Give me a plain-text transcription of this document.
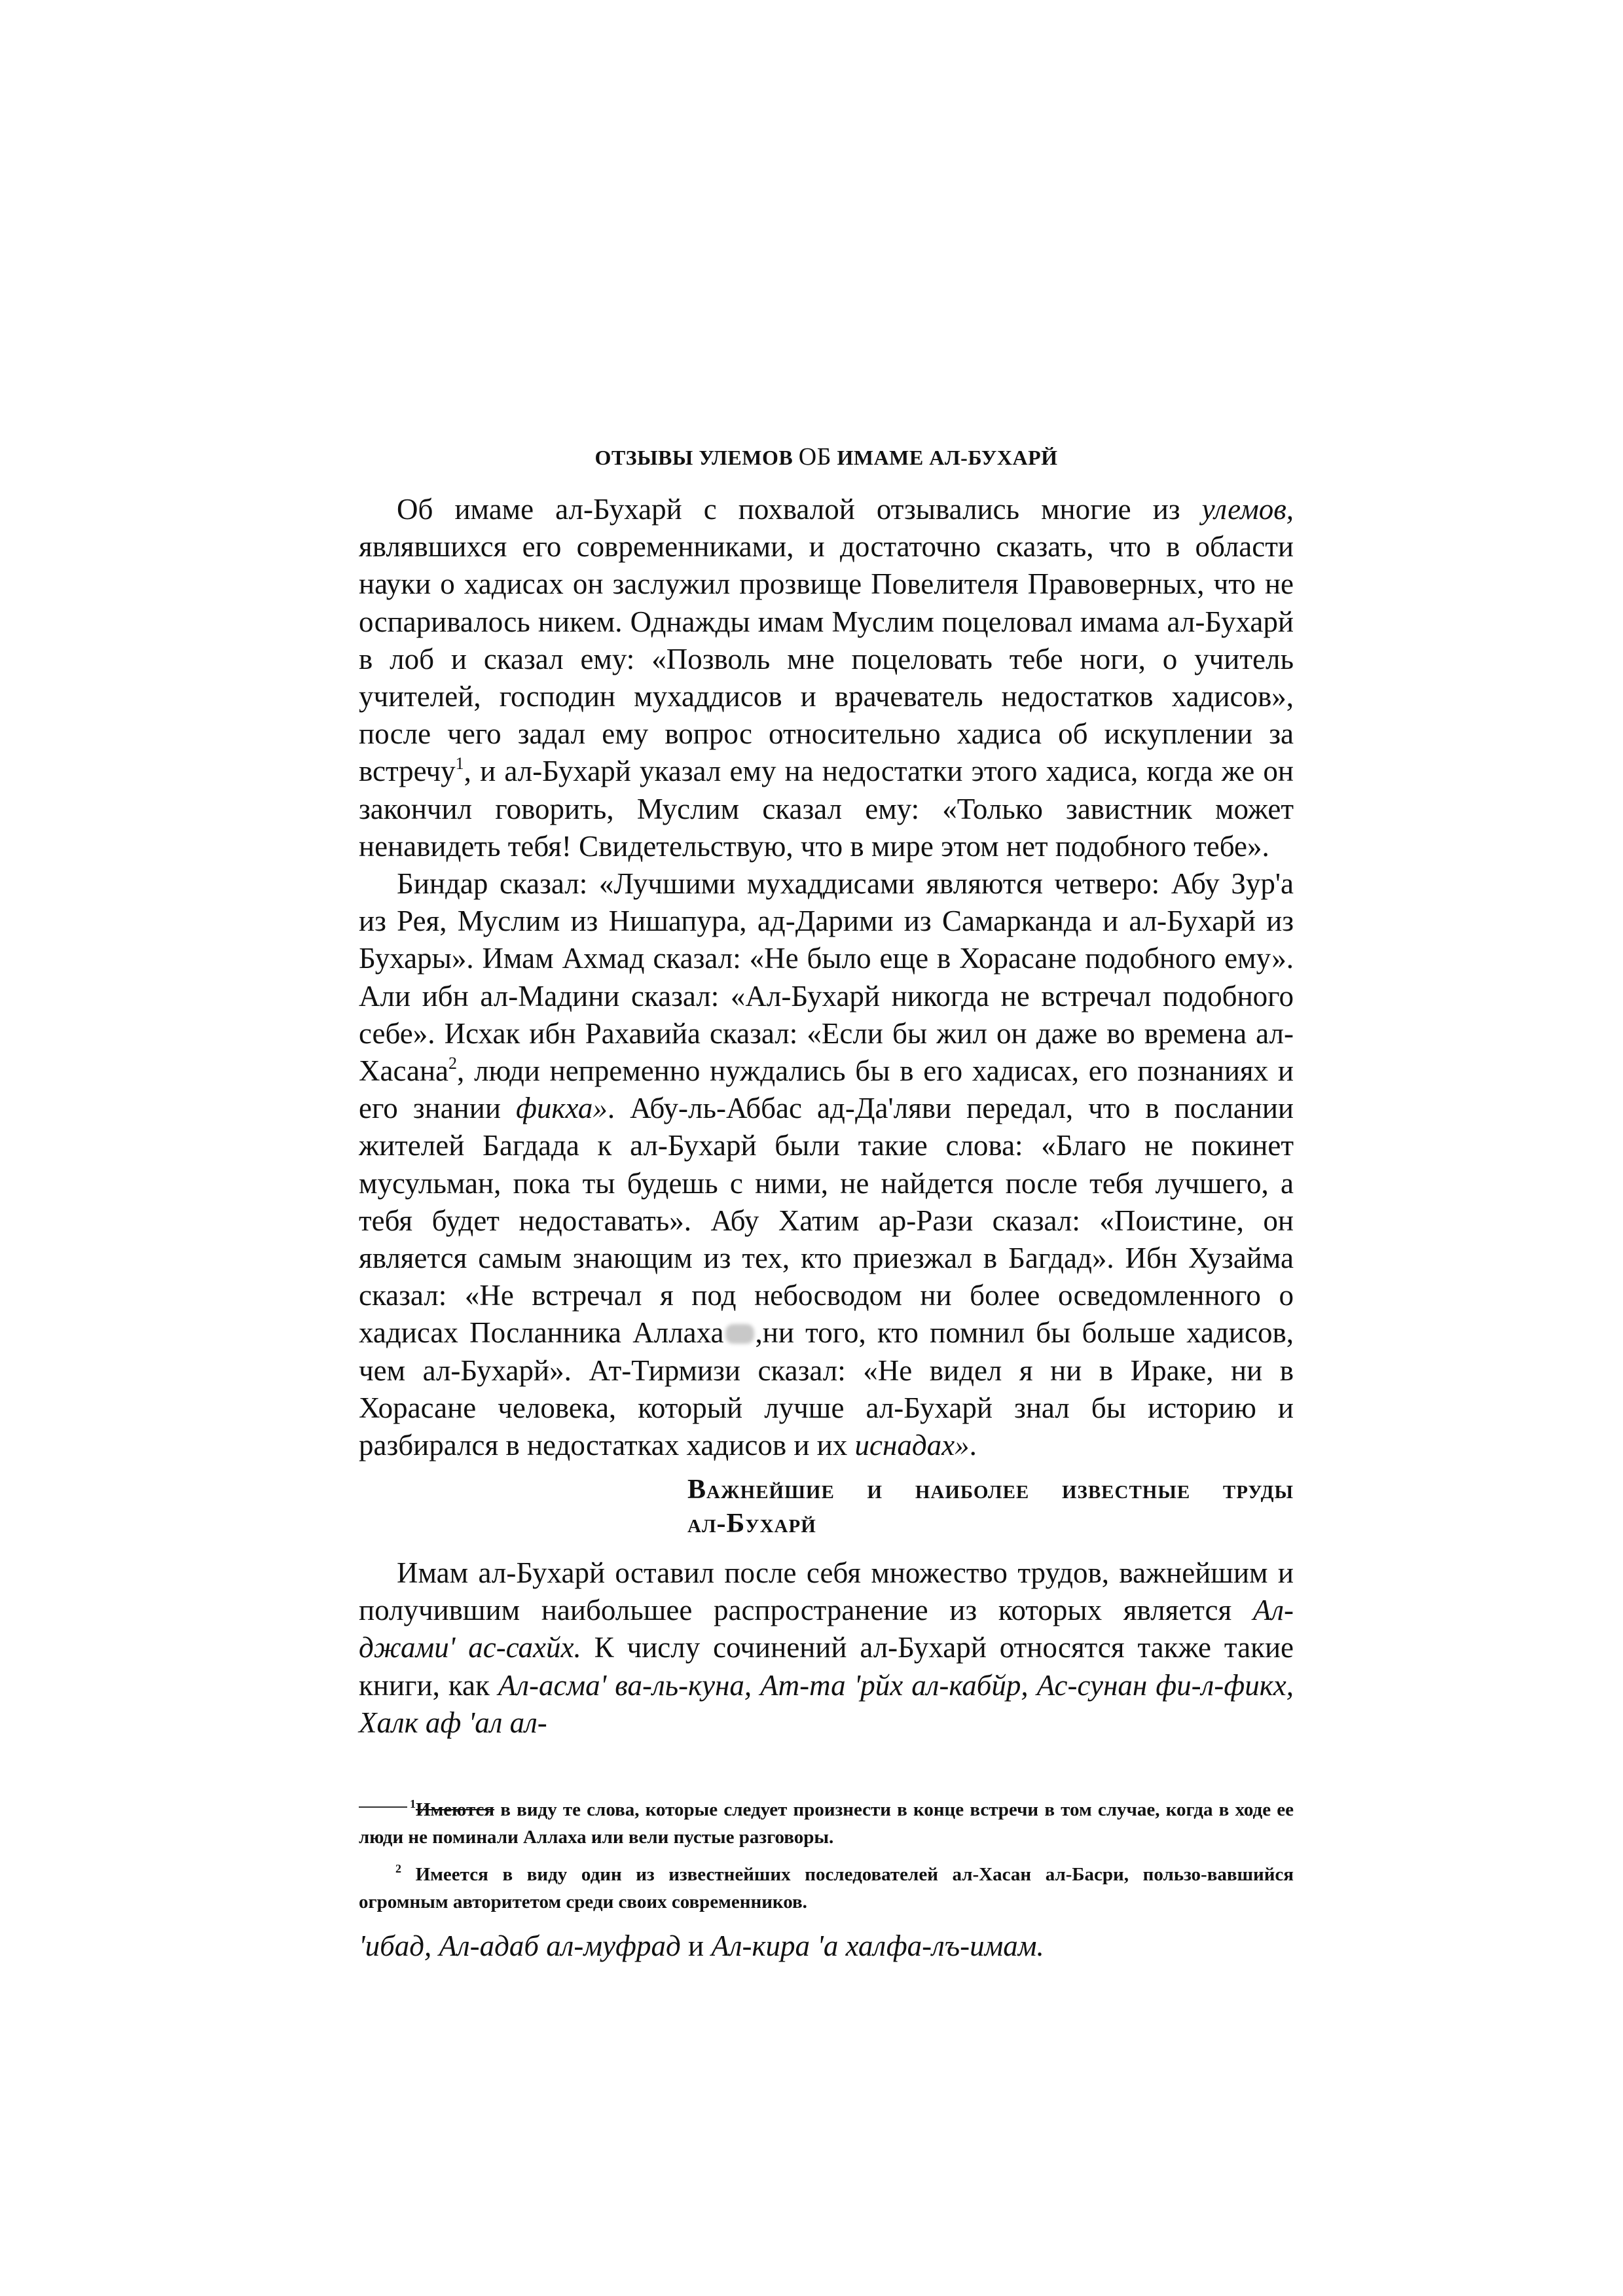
ОТЗЫВЫ УЛЕМОВ ОБ ИМАМЕ АЛ-БУХАРЙ

Об имаме ал-Бухарй с похвалой отзывались многие из улемов, являвшихся его современниками, и достаточно сказать, что в области науки о хадисах он заслужил прозвище Повелителя Правоверных, что не оспаривалось никем. Однажды имам Муслим поцеловал имама ал-Бухарй в лоб и сказал ему: «Позволь мне поцеловать тебе ноги, о учитель учителей, господин мухаддисов и врачеватель недостатков хадисов», после чего задал ему вопрос относительно хадиса об искуплении за встречу$^1$, и ал-Бухарй указал ему на недостатки этого хадиса, когда же он закончил говорить, Муслим сказал ему: «Только завистник может ненавидеть тебя! Свидетельствую, что в мире этом нет подобного тебе».

Биндар сказал: «Лучшими мухаддисами являются четверо: Абу Зур'а из Рея, Муслим из Нишапура, ад-Дарими из Самарканда и ал-Бухарй из Бухары». Имам Ахмад сказал: «Не было еще в Хорасане подобного ему». Али ибн ал-Мадини сказал: «Ал-Бухарй никогда не встречал подобного себе». Исхак ибн Рахавийа сказал: «Если бы жил он даже во времена ал-Хасана$^2$, люди непременно нуждались бы в его хадисах, его познаниях и его знании фикха». Абу-ль-Аббас ад-Да'ляви передал, что в послании жителей Багдада к ал-Бухарй были такие слова: «Благо не покинет мусульман, пока ты будешь с ними, не найдется после тебя лучшего, а тебя будет недоставать». Абу Хатим ар-Рази сказал: «Поистине, он является самым знающим из тех, кто приезжал в Багдад». Ибн Хузайма сказал: «Не встречал я под небосводом ни более осведомленного о хадисах Посланника Аллаха ,ни того, кто помнил бы больше хадисов, чем ал-Бухарй». Ат-Тирмизи сказал: «Не видел я ни в Ираке, ни в Хорасане человека, который лучше ал-Бухарй знал бы историю и разбирался в недостатках хадисов и их иснадах».

Важнейшие и наиболее известные труды
ал-Бухарй

Имам ал-Бухарй оставил после себя множество трудов, важнейшим и получившим наибольшее распространение из которых является Ал-джами' ас-сахйх. К числу сочинений ал-Бухарй относятся также такие книги, как Ал-асма' ва-ль-куна, Ат-та 'рйх ал-кабйр, Ас-сунан фи-л-фикх, Халк аф 'ал ал-

$^1$Имеются в виду те слова, которые следует произнести в конце встречи в том случае, когда в ходе ее люди не поминали Аллаха или вели пустые разговоры.

$^2$ Имеется в виду один из известнейших последователей ал-Хасан ал-Басри, пользо-вавшийся огромным авторитетом среди своих современников.

'ибад, Ал-адаб ал-муфрад и Ал-кира 'а халфа-лъ-имам.
